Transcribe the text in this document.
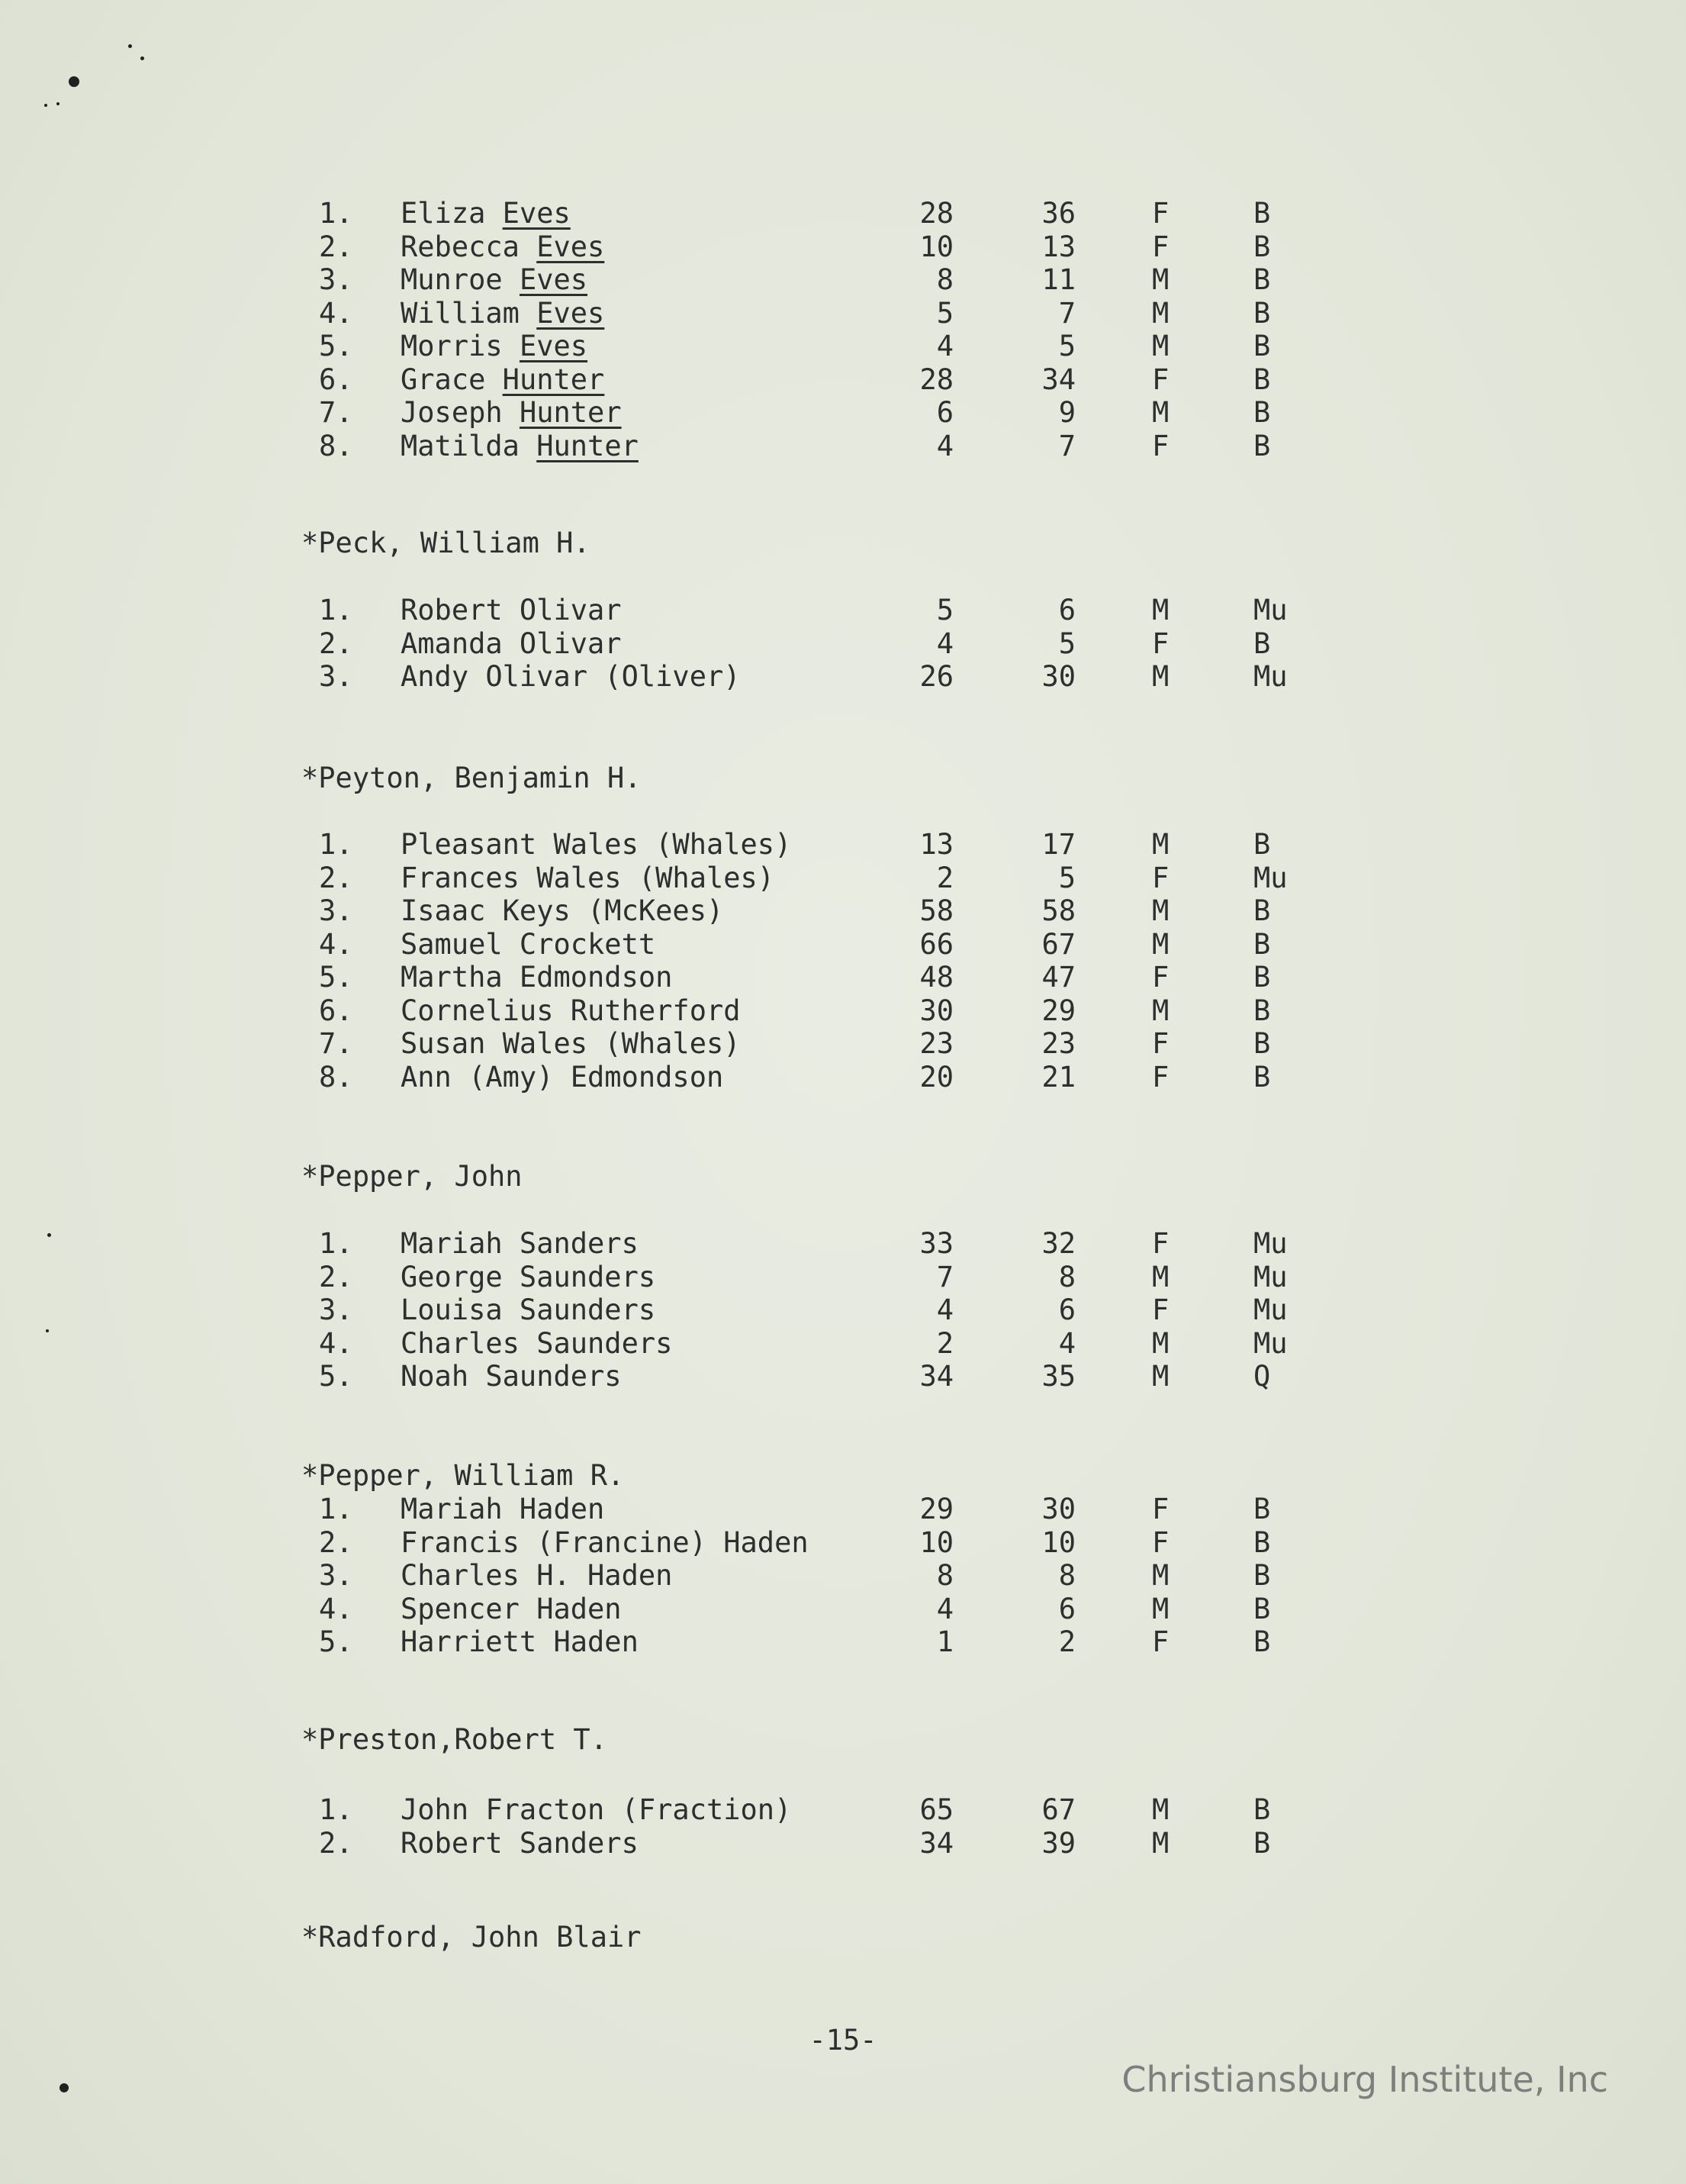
1.	Eliza Eves	28	36	F	B
2.	Rebecca Eves	10	13	F	B
3.	Munroe Eves	8	11	M	B
4.	William Eves	5	7	M	B
5.	Morris Eves	4	5	M	B
6.	Grace Hunter	28	34	F	B
7.	Joseph Hunter	6	9	M	B
8.	Matilda Hunter	4	7	F	B
*Peck, William H.
1.	Robert Olivar	5	6	M	Mu
2.	Amanda Olivar	4	5	F	B
3.	Andy Olivar (Oliver)	26	30	M	Mu
*Peyton, Benjamin H.
1.	Pleasant Wales (Whales)	13	17	M	B
2.	Frances Wales (Whales)	2	5	F	Mu
3.	Isaac Keys (McKees)	58	58	M	B
4.	Samuel Crockett	66	67	M	B
5.	Martha Edmondson	48	47	F	B
6.	Cornelius Rutherford	30	29	M	B
7.	Susan Wales (Whales)	23	23	F	B
8.	Ann (Amy) Edmondson	20	21	F	B
*Pepper, John
1.	Mariah Sanders	33	32	F	Mu
2.	George Saunders	7	8	M	Mu
3.	Louisa Saunders	4	6	F	Mu
4.	Charles Saunders	2	4	M	Mu
5.	Noah Saunders	34	35	M	Q
*Pepper, William R.
1.	Mariah Haden	29	30	F	B
2.	Francis (Francine) Haden	10	10	F	B
3.	Charles H. Haden	8	8	M	B
4.	Spencer Haden	4	6	M	B
5.	Harriett Haden	1	2	F	B
*Preston,Robert T.
1.	John Fracton (Fraction)	65	67	M	B
2.	Robert Sanders	34	39	M	B
*Radford, John Blair
-15-
Christiansburg Institute, Inc
